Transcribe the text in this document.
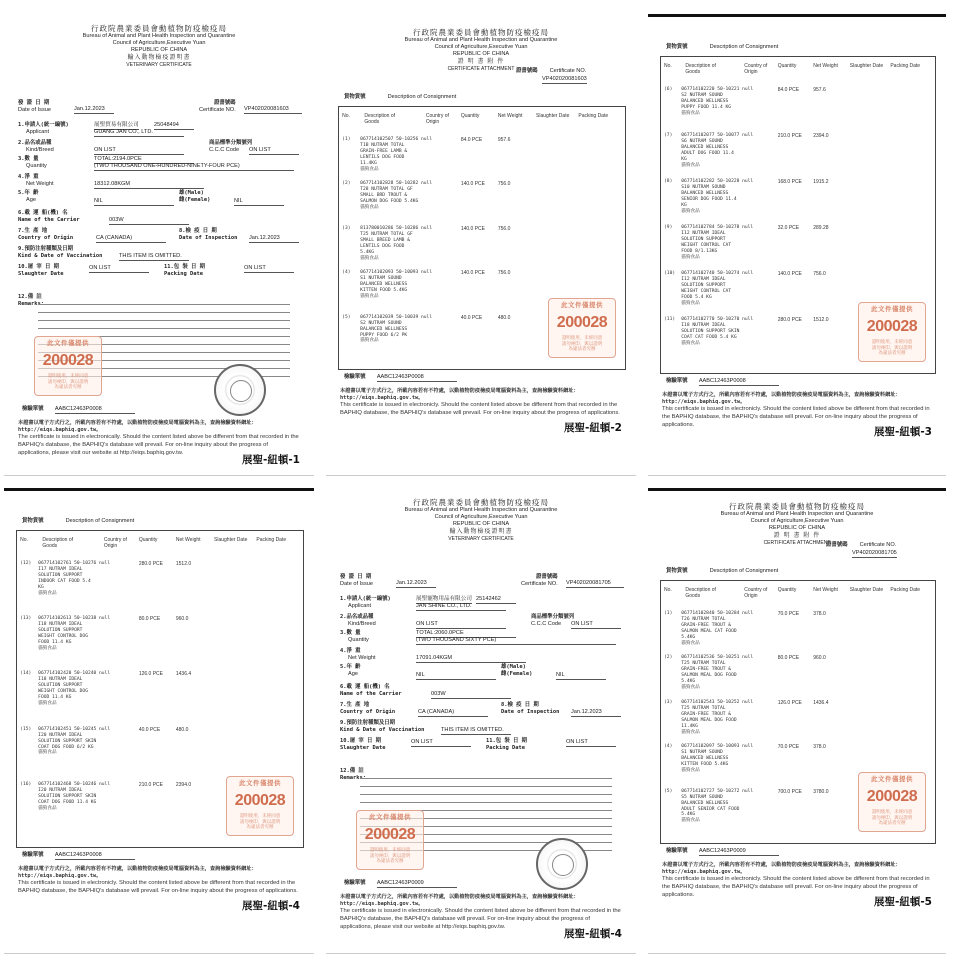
行政院農業委員會動植物防疫檢疫局
Bureau of Animal and Plant Health Inspection and Quarantine
Council of Agriculture,Executive Yuan
REPUBLIC OF CHINA
輸入動物檢疫證明書
VETERINARY CERTIFICATE
發 證 日 期
Date of Issue	Jan.12.2023
證書號碼
Certificate NO. VP402020081603
1.申請人(統一編號)	展聖貿易有限公司	25048494
Applicant	GUANG JAN CO., LTD.
2.品名或品種	商品標準分類號列
Kind/Breed	ON LIST	C.C.C Code ON LIST
3.數 量	TOTAL:2194.0PCE
Quantity	(TWO THOUSAND ONE-HUNDRED-NINETY-FOUR PCE)
4.淨 重
Net Weight	18312.08KGM
5.年 齡	雄(Male)
雌(Female)
Age	NIL	NIL
6.載 運 船(機) 名
Name of the Carrier	003W
7.生 產 地
Country of Origin	CA (CANADA)
8.檢 疫 日 期
Date of Inspection Jan.12.2023
9.預防注射種類及日期
Kind & Date of Vaccination	THIS ITEM IS OMITTED.
10.屠 宰 日 期
Slaughter Date
ON LIST	11.包 裝 日 期
Packing Date
ON LIST
12.備 註
Remarks:
此文件僅提供
200028
證明使用，未經同意
請勿複印，與以證明
為違法者究辦
檢驗單號 AABC12463P0008
本證書以電子方式行之，所載內容若有不符處，以動植物防疫檢疫局電腦資料為主，查詢檢驗資料網址：http://eiqs.baphiq.gov.tw。
The certificate is issued in electronically. Should the content listed above be different from that recorded in the BAPHIQ's database, the BAPHIQ's database will prevail. For on-line inquiry about the progress of applications, please visit our website at http://eiqs.baphiq.gov.tw.
展聖-紐頓-1
行政院農業委員會動植物防疫檢疫局
Bureau of Animal and Plant Health Inspection and Quarantine
Council of Agriculture,Executive Yuan
REPUBLIC OF CHINA
證 明 書 附 件
CERTIFICATE ATTACHMENT 證書號碼 Certificate NO.
VP402020081603
貨物貨號	Description of Consignment
No.	Description of Goods
Country of Origin
Quantity	Net Weight	Slaughter Date	Packing Date
(1) 067714102507 50-10256 null
T1B NUTRAM TOTAL
GRAIN-FREE LAMB &
LENTILS DOG FOOD
11.4KG
貓狗食品
84.0 PCE	957.6
(2) 067714102828 50-10282 null
T28 NUTRAM TOTAL GF
SMALL BRD TROUT &
SALMON DOG FOOD 5.4KG
貓狗食品
140.0 PCE	756.0
(3) 813780010286 50-10286 null
T25 NUTRAM TOTAL GF
SMALL BREED LAMB &
LENTILS DOG FOOD
5.4KG
貓狗食品
140.0 PCE	756.0
(4) 067714102093 50-10093 null
S1 NUTRAM SOUND
BALANCED WELLNESS
KITTEN FOOD 5.4KG
貓狗食品
140.0 PCE	756.0
(5) 067714102039 50-10039 null
S2 NUTRAM SOUND
BALANCED WELLNESS
PUPPY FOOD 6/2 PK
貓狗食品
40.0 PCE	480.0
此文件僅提供
200028
證明使用，未經同意
請勿複印，與以證明
為違法者究辦
檢驗單號 AABC12463P0008
本證書以電子方式行之，所載內容若有不符處，以動植物防疫檢疫局電腦資料為主，查詢檢驗資料網址：http://eiqs.baphiq.gov.tw。
This certificate is issued in electronicly. Should the content listed above be different from that recorded in the BAPHIQ database, the BAPHIQ's database will prevail. For on-line inquiry about the progress of applications.
展聖-紐頓-2
貨物貨號	Description of Consignment
No.	Description of Goods
Country of Origin
Quantity	Net Weight	Slaughter Date	Packing Date
(6) 067714102220 50-10221 null
S2 NUTRAM SOUND
BALANCED WELLNESS
PUPPY FOOD 11.4 KG
貓狗食品
84.0 PCE	957.6
(7) 067714102077 50-10077 null
S6 NUTRAM SOUND
BALANCED WELLNESS
ADULT DOG FOOD 11.4
KG
貓狗食品
210.0 PCE 2394.0
(8) 067714102282 50-10228 null
S10 NUTRAM SOUND
BALANCED WELLNESS
SENIOR DOG FOOD 11.4
KG
貓狗食品
168.0 PCE 1915.2
(9) 067714102784 50-10278 null
I12 NUTRAM IDEAL
SOLUTION SUPPORT
WEIGHT CONTROL CAT
FOOD 8/1.13KG
貓狗食品
32.0 PCE	289.28
(10) 067714102740 50-10274 null
I12 NUTRAM IDEAL
SOLUTION SUPPORT
WEIGHT CONTROL CAT
FOOD 5.4 KG
貓狗食品
140.0 PCE 756.0
(11) 067714102770 50-10270 null
I18 NUTRAM IDEAL
SOLUTION SUPPORT SKIN
COAT CAT FOOD 5.4 KG
貓狗食品
280.0 PCE 1512.0
此文件僅提供
200028
證明使用，未經同意
請勿複印，與以證明
為違法者究辦
檢驗單號 AABC12463P0008
本證書以電子方式行之，所載內容若有不符處，以動植物防疫檢疫局電腦資料為主，查詢檢驗資料網址：http://eiqs.baphiq.gov.tw。
This certificate is issued in electronicly. Should the content listed above be different from that recorded in the BAPHIQ database, the BAPHIQ's database will prevail. For on-line inquiry about the progress of applications.
展聖-紐頓-3
貨物貨號	Description of Consignment
No.	Description of Goods
Country of Origin
Quantity	Net Weight	Slaughter Date	Packing Date
(12) 067714102761 50-10276 null
I17 NUTRAM IDEAL
SOLUTION SUPPORT
INDOOR CAT FOOD 5.4
KG
貓狗食品
280.0 PCE	1512.0
(13) 067714102613 50-10238 null
I18 NUTRAM IDEAL
SOLUTION SUPPORT
WEIGHT CONTROL DOG
FOOD 11.4 KG
貓狗食品
80.0 PCE	960.0
(14) 067714102420 50-10240 null
I18 NUTRAM IDEAL
SOLUTION SUPPORT
WEIGHT CONTROL DOG
FOOD 11.4 KG
貓狗食品
126.0 PCE	1436.4
(15) 067714102451 50-10245 null
I20 NUTRAM IDEAL
SOLUTION SUPPORT SKIN
COAT DOG FOOD 6/2 KG
貓狗食品
40.0 PCE	480.0
(16) 067714102468 50-10246 null
I20 NUTRAM IDEAL
SOLUTION SUPPORT SKIN
COAT DOG FOOD 11.4 KG
貓狗食品
210.0 PCE	2394.0	此文件僅提供
200028
證明使用，未經同意
請勿複印，與以證明
為違法者究辦
檢驗單號 AABC12463P0008
本證書以電子方式行之，所載內容若有不符處，以動植物防疫檢疫局電腦資料為主，查詢檢驗資料網址：http://eiqs.baphiq.gov.tw。
This certificate is issued in electronicly. Should the content listed above be different from that recorded in the BAPHIQ database, the BAPHIQ's database will prevail. For on-line inquiry about the progress of applications.
展聖-紐頓-4
行政院農業委員會動植物防疫檢疫局
Bureau of Animal and Plant Health Inspection and Quarantine
Council of Agriculture,Executive Yuan
REPUBLIC OF CHINA
輸入動物檢疫證明書
VETERINARY CERTIFICATE
發 證 日 期
Date of Issue	Jan.12.2023
證書號碼
Certificate NO. VP402020081705
1.申請人(統一編號)	展聖寵物用品有限公司 25142462
Applicant	JAN SHINE CO., LTD.
2.品名或品種	商品標準分類號列
Kind/Breed	ON LIST	C.C.C Code ON LIST
3.數 量	TOTAL:2060.0PCE
Quantity	(TWO THOUSAND SIXTY PCE)
4.淨 重
Net Weight	17091.04KGM
5.年 齡	雄(Male)
雌(Female)
Age	NIL	NIL
6.載 運 船(機) 名
Name of the Carrier	003W
7.生 產 地
Country of Origin	CA (CANADA)
8.檢 疫 日 期
Date of Inspection Jan.12.2023
9.預防注射種類及日期
Kind & Date of Vaccination	THIS ITEM IS OMITTED.
10.屠 宰 日 期
Slaughter Date
ON LIST	11.包 裝 日 期
Packing Date
ON LIST
12.備 註
Remarks:
此文件僅提供
200028
證明使用，未經同意
請勿複印，與以證明
為違法者究辦
檢驗單號 AABC12463P0009
本證書以電子方式行之，所載內容若有不符處，以動植物防疫檢疫局電腦資料為主，查詢檢驗資料網址：http://eiqs.baphiq.gov.tw。
The certificate is issued in electronically. Should the content listed above be different from that recorded in the BAPHIQ's database, the BAPHIQ's database will prevail. For on-line inquiry about the progress of applications, please visit our website at http://eiqs.baphiq.gov.tw.
展聖-紐頓-4
行政院農業委員會動植物防疫檢疫局
Bureau of Animal and Plant Health Inspection and Quarantine
Council of Agriculture,Executive Yuan
REPUBLIC OF CHINA
證 明 書 附 件
CERTIFICATE ATTACHMENT
證書號碼 Certificate NO.
VP402020081705
貨物貨號	Description of Consignment
No.	Description of Goods
Country of Origin
Quantity	Net Weight	Slaughter Date	Packing Date
(1) 067714102840 50-10284 null
T26 NUTRAM TOTAL
GRAIN-FREE TROUT &
SALMON MEAL CAT FOOD
5.4KG
貓狗食品
70.0 PCE	378.0
(2) 067714102536 50-10251 null
T25 NUTRAM TOTAL
GRAIN-FREE TROUT &
SALMON MEAL DOG FOOD
5.4KG
貓狗食品
80.0 PCE	960.0
(3) 067714102543 50-10252 null
T25 NUTRAM TOTAL
GRAIN-FREE TROUT &
SALMON MEAL DOG FOOD
11.4KG
貓狗食品
126.0 PCE 1436.4
(4) 067714102097 50-10093 null
S1 NUTRAM SOUND
BALANCED WELLNESS
KITTEN FOOD 5.4KG
貓狗食品
70.0 PCE	378.0
(5) 067714102727 50-10272 null
S5 NUTRAM SOUND
BALANCED WELLNESS
ADULT SENIOR CAT FOOD
5.4KG
貓狗食品
700.0 PCE 3780.0
此文件僅提供
200028
證明使用，未經同意
請勿複印，與以證明
為違法者究辦
檢驗單號 AABC12463P0009
本證書以電子方式行之，所載內容若有不符處，以動植物防疫檢疫局電腦資料為主，查詢檢驗資料網址：http://eiqs.baphiq.gov.tw。
This certificate is issued in electronicly. Should the content listed above be different from that recorded in the BAPHIQ database, the BAPHIQ's database will prevail. For on-line inquiry about the progress of applications.
展聖-紐頓-5
